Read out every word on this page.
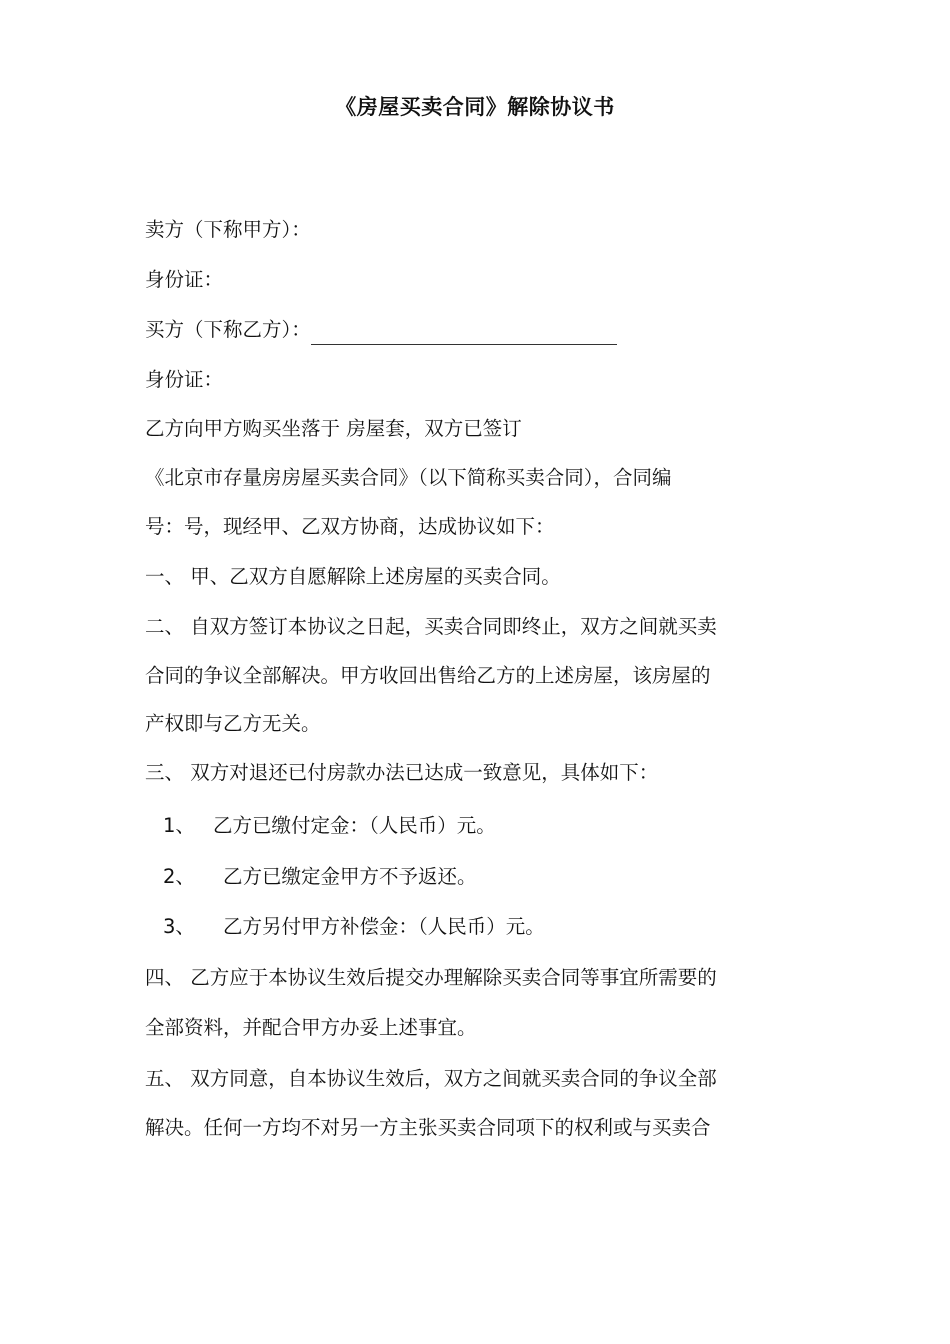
《房屋买卖合同》解除协议书
卖方（下称甲方）：
身份证：
买方（下称乙方）：
身份证：
乙方向甲方购买坐落于 房屋套，双方已签订
《北京市存量房房屋买卖合同》（以下简称买卖合同），合同编
号：号，现经甲、乙双方协商，达成协议如下：
一、 甲、乙双方自愿解除上述房屋的买卖合同。
二、 自双方签订本协议之日起，买卖合同即终止，双方之间就买卖
合同的争议全部解决。甲方收回出售给乙方的上述房屋，该房屋的
产权即与乙方无关。
三、 双方对退还已付房款办法已达成一致意见，具体如下：
1、 乙方已缴付定金：（人民币）元。
2、 乙方已缴定金甲方不予返还。
3、 乙方另付甲方补偿金：（人民币）元。
四、 乙方应于本协议生效后提交办理解除买卖合同等事宜所需要的
全部资料，并配合甲方办妥上述事宜。
五、 双方同意，自本协议生效后，双方之间就买卖合同的争议全部
解决。任何一方均不对另一方主张买卖合同项下的权利或与买卖合
